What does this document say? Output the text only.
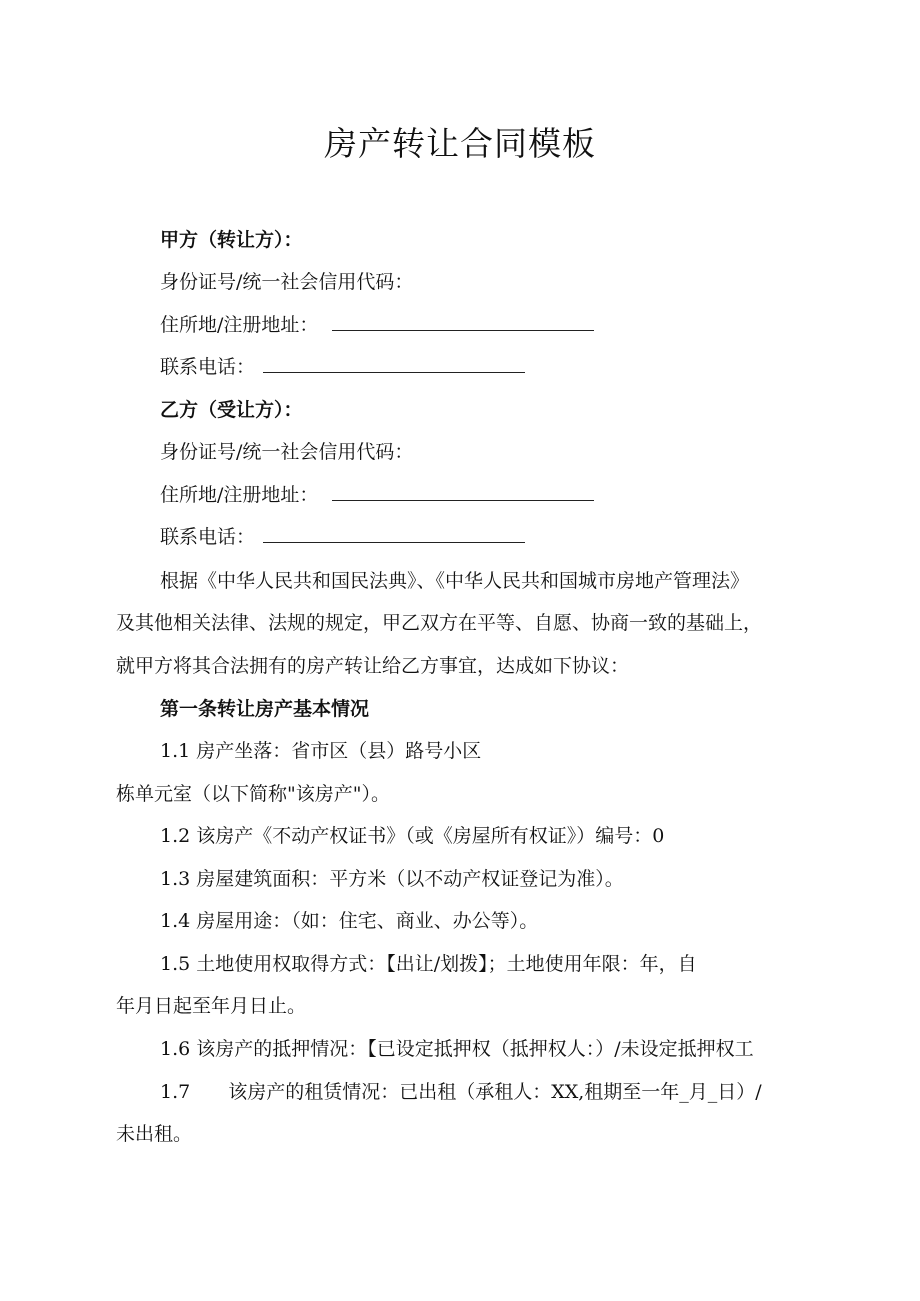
房产转让合同模板
甲方（转让方）：
身份证号/统一社会信用代码：
住所地/注册地址：
联系电话：
乙方（受让方）：
身份证号/统一社会信用代码：
住所地/注册地址：
联系电话：
根据《中华人民共和国民法典》、《中华人民共和国城市房地产管理法》
及其他相关法律、法规的规定，甲乙双方在平等、自愿、协商一致的基础上，
就甲方将其合法拥有的房产转让给乙方事宜，达成如下协议：
第一条转让房产基本情况
1.1 房产坐落：省市区（县）路号小区
栋单元室（以下简称"该房产"）。
1.2 该房产《不动产权证书》（或《房屋所有权证》）编号：0
1.3 房屋建筑面积：平方米（以不动产权证登记为准）。
1.4 房屋用途：（如：住宅、商业、办公等）。
1.5 土地使用权取得方式：【出让/划拨】；土地使用年限：年，自
年月日起至年月日止。
1.6 该房产的抵押情况：【已设定抵押权（抵押权人：）/未设定抵押权工
1.7　　该房产的租赁情况：已出租（承租人：XX,租期至一年_月_日）/
未出租。
